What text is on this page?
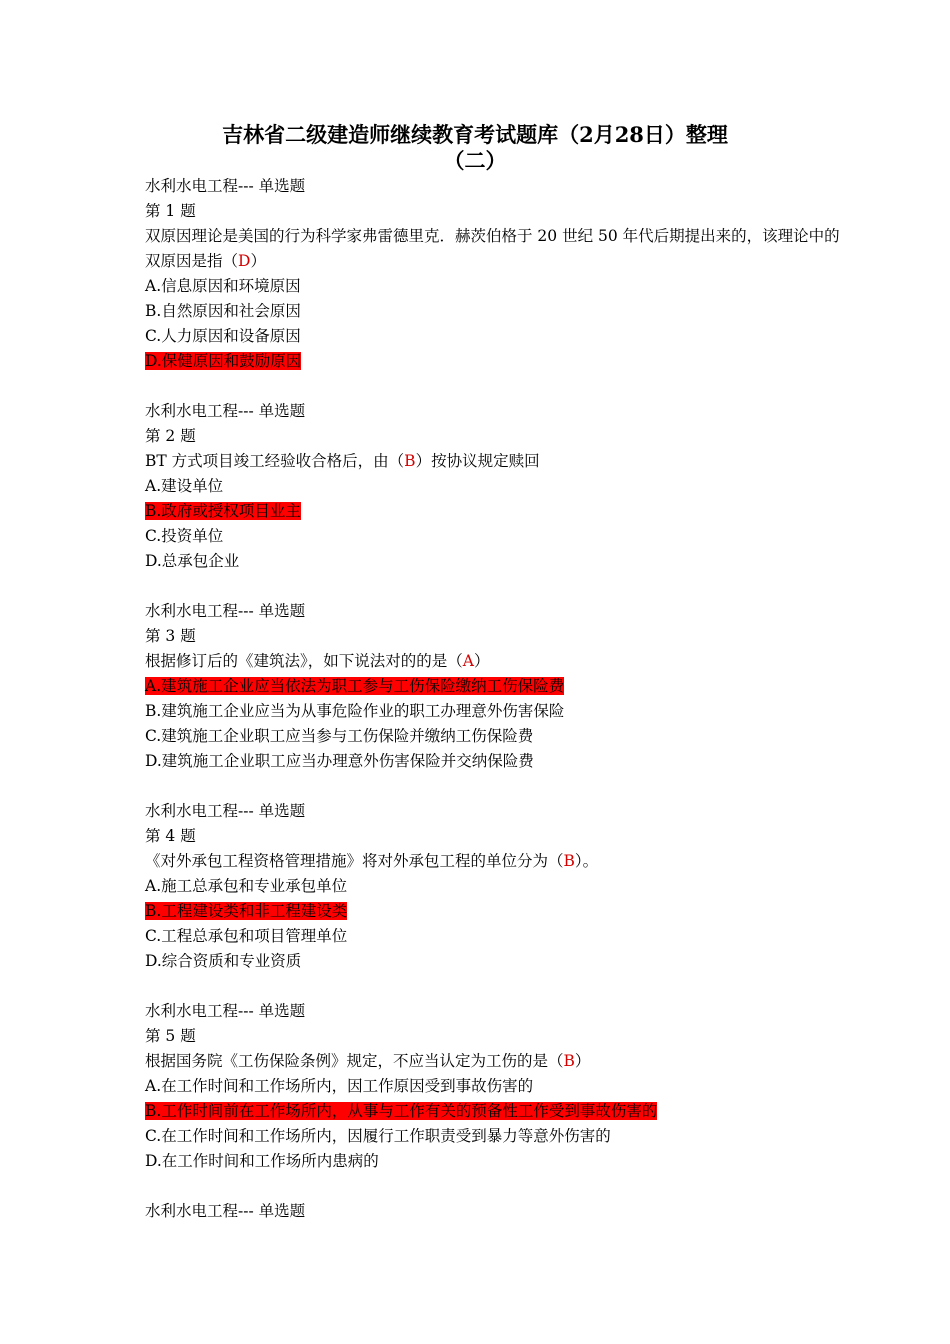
吉林省二级建造师继续教育考试题库（2月28日）整理
（二）
水利水电工程--- 单选题
第 1 题
双原因理论是美国的行为科学家弗雷德里克．赫茨伯格于 20 世纪 50 年代后期提出来的，该理论中的双原因是指（D）
A.信息原因和环境原因
B.自然原因和社会原因
C.人力原因和设备原因
D.保健原因和鼓励原因
水利水电工程--- 单选题
第 2 题
BT 方式项目竣工经验收合格后，由（B）按协议规定赎回
A.建设单位
B.政府或授权项目业主
C.投资单位
D.总承包企业
水利水电工程--- 单选题
第 3 题
根据修订后的《建筑法》，如下说法对的的是（A）
A.建筑施工企业应当依法为职工参与工伤保险缴纳工伤保险费
B.建筑施工企业应当为从事危险作业的职工办理意外伤害保险
C.建筑施工企业职工应当参与工伤保险并缴纳工伤保险费
D.建筑施工企业职工应当办理意外伤害保险并交纳保险费
水利水电工程--- 单选题
第 4 题
《对外承包工程资格管理措施》将对外承包工程的单位分为（B）。
A.施工总承包和专业承包单位
B.工程建设类和非工程建设类
C.工程总承包和项目管理单位
D.综合资质和专业资质
水利水电工程--- 单选题
第 5 题
根据国务院《工伤保险条例》规定，不应当认定为工伤的是（B）
A.在工作时间和工作场所内，因工作原因受到事故伤害的
B.工作时间前在工作场所内，从事与工作有关的预备性工作受到事故伤害的
C.在工作时间和工作场所内，因履行工作职责受到暴力等意外伤害的
D.在工作时间和工作场所内患病的
水利水电工程--- 单选题
